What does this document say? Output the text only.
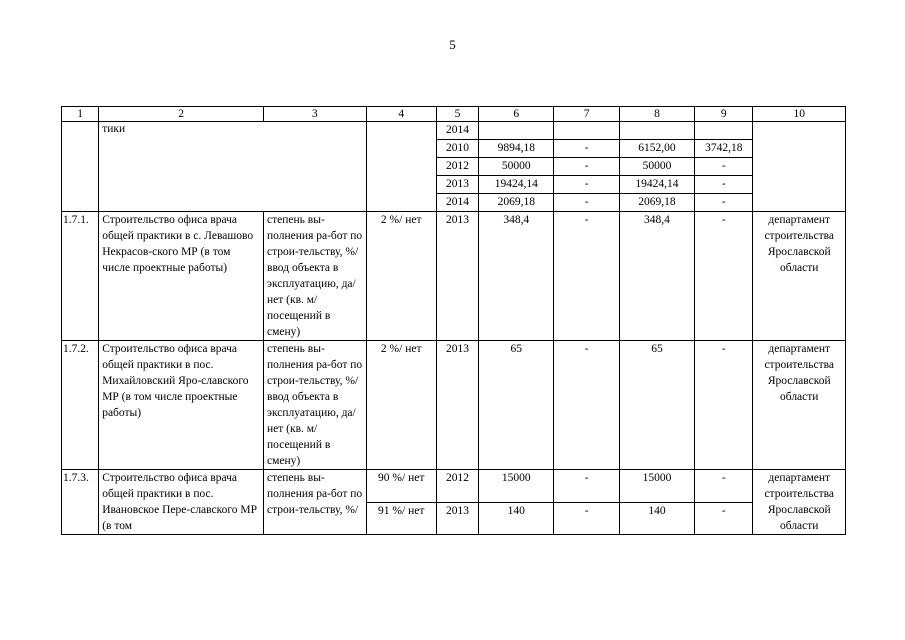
5
1	2	3	4	5	6	7	8	9	10
	тики			2014					
				2010	9894,18	-	6152,00	3742,18	
				2012	50000	-	50000	-	
				2013	19424,14	-	19424,14	-	
				2014	2069,18	-	2069,18	-	
1.7.1.	Строительство офиса врача общей практики в с. Левашово Некрасов-ского МР (в том числе проектные работы)	степень вы-полнения ра-бот по строи-тельству, %/ ввод объекта в эксплуатацию, да/нет (кв. м/ посещений в смену)	2 %/ нет	2013	348,4	-	348,4	-	департамент строительства Ярославской области
1.7.2.	Строительство офиса врача общей практики в пос. Михайловский Яро-славского МР (в том числе проектные работы)	степень вы-полнения ра-бот по строи-тельству, %/ ввод объекта в эксплуатацию, да/нет (кв. м/ посещений в смену)	2 %/ нет	2013	65	-	65	-	департамент строительства Ярославской области
1.7.3.	Строительство офиса врача общей практики в пос. Ивановское Пере-славского МР (в том	степень вы-полнения ра-бот по строи-тельству, %/	90 %/ нет	2012	15000	-	15000	-	департамент строительства Ярославской области
			91 %/ нет	2013	140	-	140	-	
